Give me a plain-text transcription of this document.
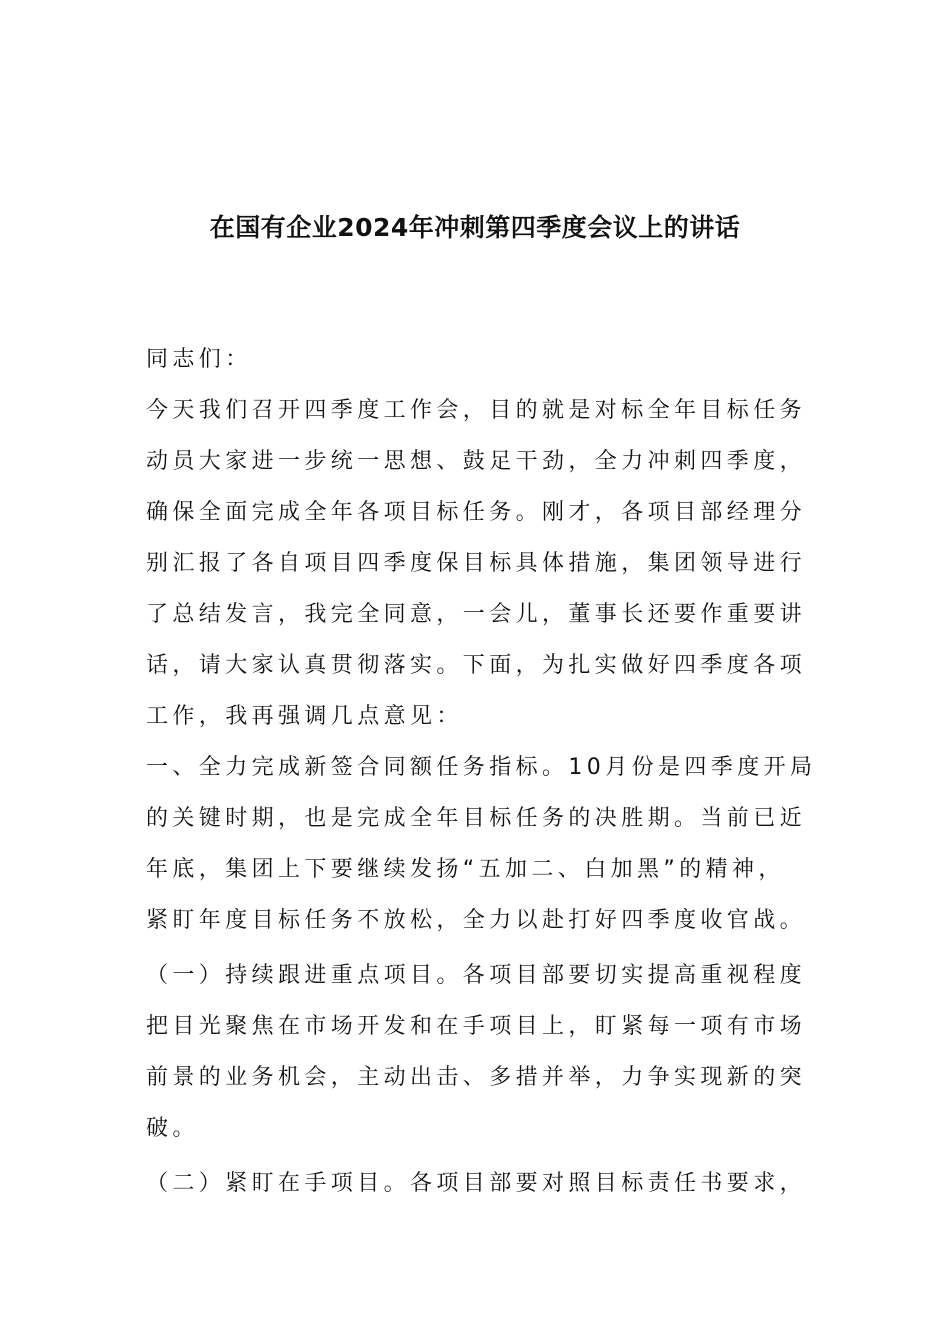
在国有企业2024年冲刺第四季度会议上的讲话
同志们：
今天我们召开四季度工作会，目的就是对标全年目标任务
动员大家进一步统一思想、鼓足干劲，全力冲刺四季度，
确保全面完成全年各项目标任务。刚才，各项目部经理分
别汇报了各自项目四季度保目标具体措施，集团领导进行
了总结发言，我完全同意，一会儿，董事长还要作重要讲
话，请大家认真贯彻落实。下面，为扎实做好四季度各项
工作，我再强调几点意见：
一、全力完成新签合同额任务指标。10月份是四季度开局
的关键时期，也是完成全年目标任务的决胜期。当前已近
年底，集团上下要继续发扬“五加二、白加黑”的精神，
紧盯年度目标任务不放松，全力以赴打好四季度收官战。
（一）持续跟进重点项目。各项目部要切实提高重视程度
把目光聚焦在市场开发和在手项目上，盯紧每一项有市场
前景的业务机会，主动出击、多措并举，力争实现新的突
破。
（二）紧盯在手项目。各项目部要对照目标责任书要求，
